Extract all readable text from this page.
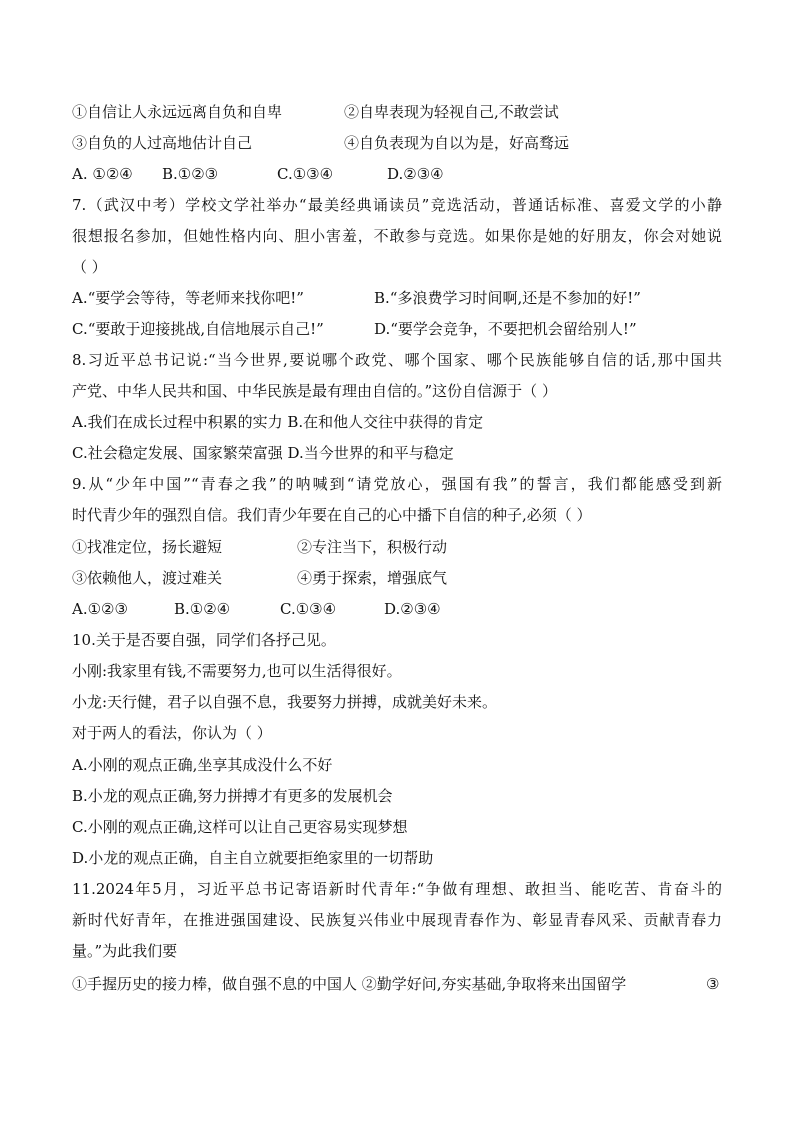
①自信让人永远远离自负和自卑	②自卑表现为轻视自己,不敢尝试
③自负的人过高地估计自己	④自负表现为自以为是，好高骛远
A. ①②④ B.①②③	C.①③④	D.②③④
7.（武汉中考）学校文学社举办“最美经典诵读员”竞选活动，普通话标准、喜爱文学的小静
很想报名参加，但她性格内向、胆小害羞，不敢参与竞选。如果你是她的好朋友，你会对她说
（ ）
A.“要学会等待，等老师来找你吧!”	B.“多浪费学习时间啊,还是不参加的好!”
C.“要敢于迎接挑战,自信地展示自己!”	D.“要学会竞争，不要把机会留给别人!”
8.习近平总书记说:“当今世界,要说哪个政党、哪个国家、哪个民族能够自信的话,那中国共
产党、中华人民共和国、中华民族是最有理由自信的。”这份自信源于（ ）
A.我们在成长过程中积累的实力 B.在和他人交往中获得的肯定
C.社会稳定发展、国家繁荣富强 D.当今世界的和平与稳定
9.从“少年中国”“青春之我”的呐喊到“请党放心，强国有我”的誓言，我们都能感受到新
时代青少年的强烈自信。我们青少年要在自己的心中播下自信的种子,必须（ ）
①找准定位，扬长避短	②专注当下，积极行动
③依赖他人，渡过难关	④勇于探索，增强底气
A.①②③	B.①②④	C.①③④	D.②③④
10.关于是否要自强，同学们各抒己见。
小刚:我家里有钱,不需要努力,也可以生活得很好。
小龙:天行健，君子以自强不息，我要努力拼搏，成就美好未来。
对于两人的看法，你认为（ ）
A.小刚的观点正确,坐享其成没什么不好
B.小龙的观点正确,努力拼搏才有更多的发展机会
C.小刚的观点正确,这样可以让自己更容易实现梦想
D.小龙的观点正确，自主自立就要拒绝家里的一切帮助
11.2024年5月，习近平总书记寄语新时代青年:“争做有理想、敢担当、能吃苦、肯奋斗的
新时代好青年，在推进强国建设、民族复兴伟业中展现青春作为、彰显青春风采、贡献青春力
量。”为此我们要
①手握历史的接力棒，做自强不息的中国人 ②勤学好问,夯实基础,争取将来出国留学	③
